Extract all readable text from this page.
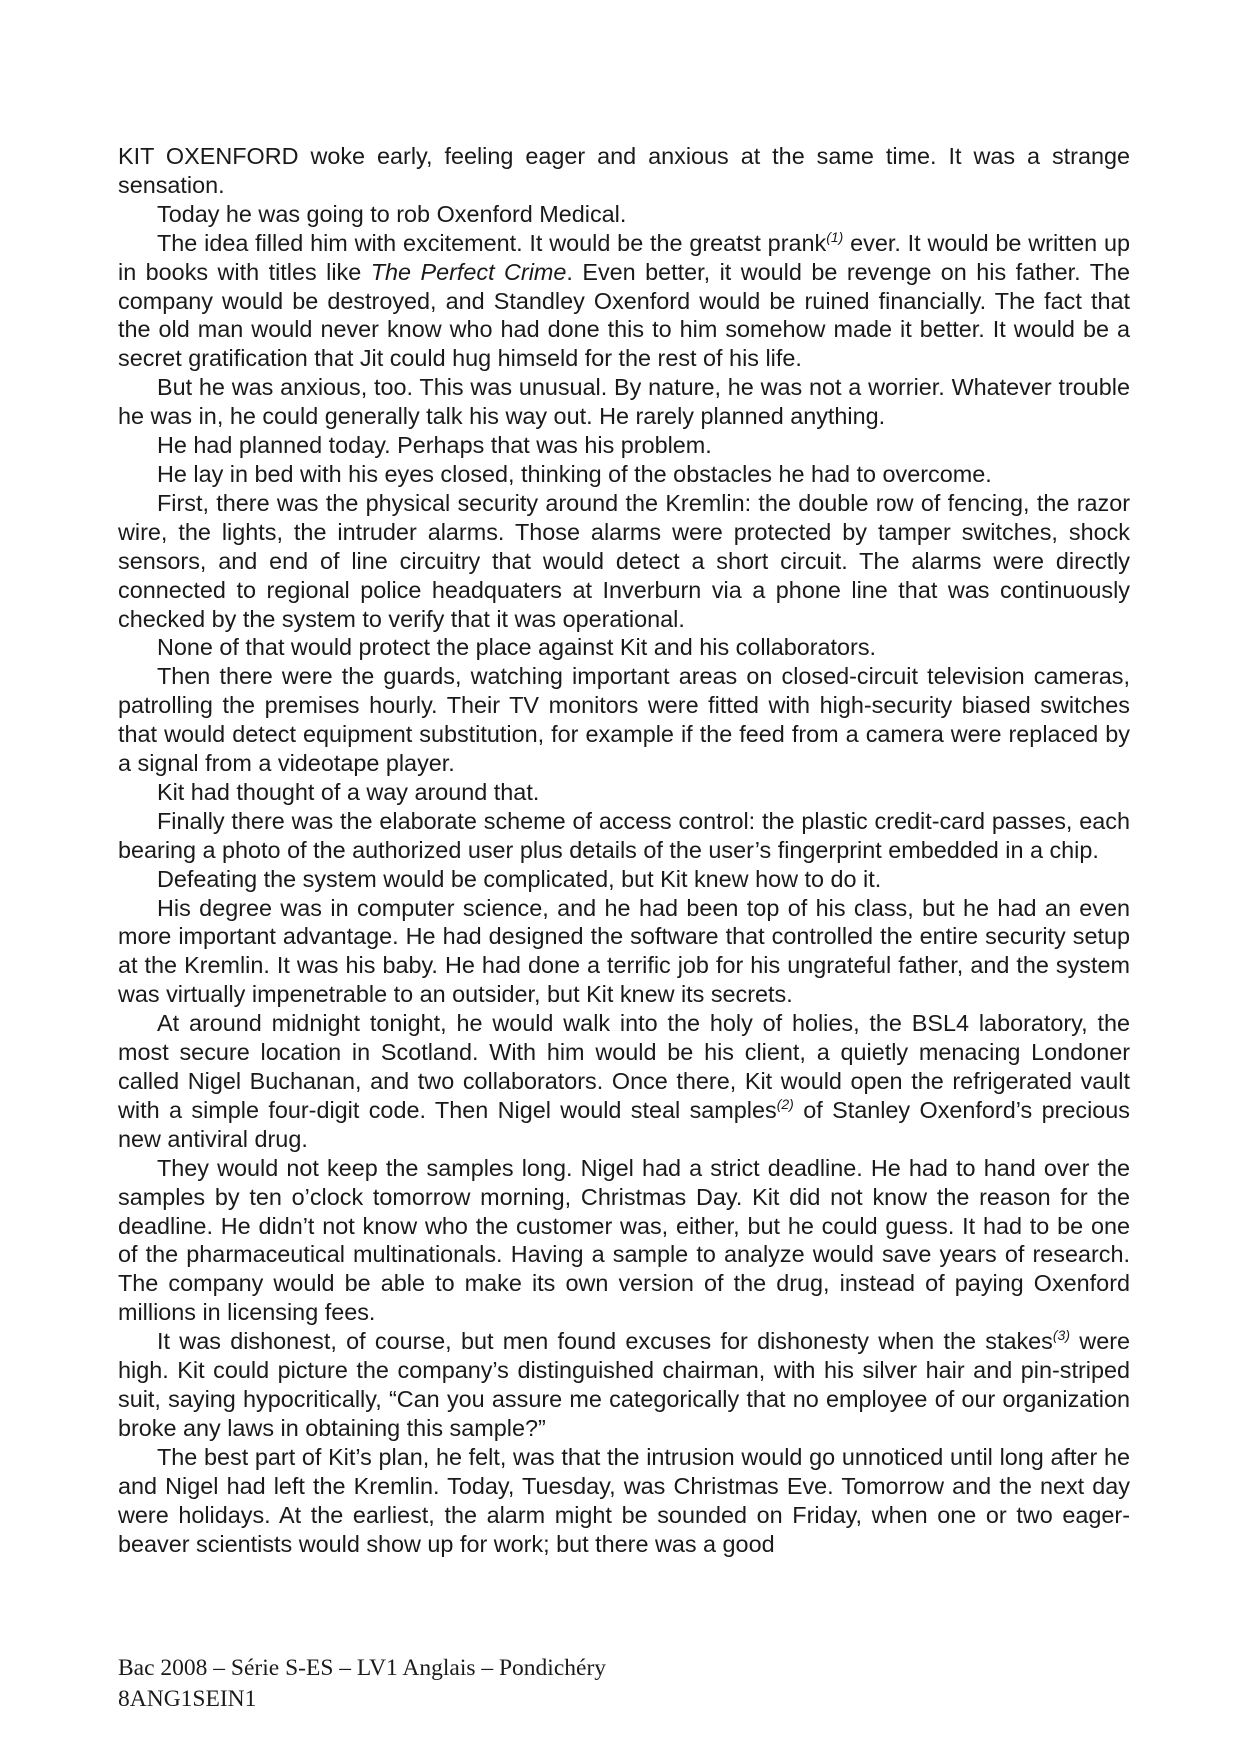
KIT OXENFORD woke early, feeling eager and anxious at the same time. It was a strange sensation.

Today he was going to rob Oxenford Medical.

The idea filled him with excitement. It would be the greatst prank$^{(1)}$ ever. It would be written up in books with titles like The Perfect Crime. Even better, it would be revenge on his father. The company would be destroyed, and Standley Oxenford would be ruined financially. The fact that the old man would never know who had done this to him somehow made it better. It would be a secret gratification that Jit could hug himseld for the rest of his life.

But he was anxious, too. This was unusual. By nature, he was not a worrier. Whatever trouble he was in, he could generally talk his way out. He rarely planned anything.

He had planned today. Perhaps that was his problem.

He lay in bed with his eyes closed, thinking of the obstacles he had to overcome.

First, there was the physical security around the Kremlin: the double row of fencing, the razor wire, the lights, the intruder alarms. Those alarms were protected by tamper switches, shock sensors, and end of line circuitry that would detect a short circuit. The alarms were directly connected to regional police headquaters at Inverburn via a phone line that was continuously checked by the system to verify that it was operational.

None of that would protect the place against Kit and his collaborators.

Then there were the guards, watching important areas on closed-circuit television cameras, patrolling the premises hourly. Their TV monitors were fitted with high-security biased switches that would detect equipment substitution, for example if the feed from a camera were replaced by a signal from a videotape player.

Kit had thought of a way around that.

Finally there was the elaborate scheme of access control: the plastic credit-card passes, each bearing a photo of the authorized user plus details of the user’s fingerprint embedded in a chip.

Defeating the system would be complicated, but Kit knew how to do it.

His degree was in computer science, and he had been top of his class, but he had an even more important advantage. He had designed the software that controlled the entire security setup at the Kremlin. It was his baby. He had done a terrific job for his ungrateful father, and the system was virtually impenetrable to an outsider, but Kit knew its secrets.

At around midnight tonight, he would walk into the holy of holies, the BSL4 laboratory, the most secure location in Scotland. With him would be his client, a quietly menacing Londoner called Nigel Buchanan, and two collaborators. Once there, Kit would open the refrigerated vault with a simple four-digit code. Then Nigel would steal samples$^{(2)}$ of Stanley Oxenford’s precious new antiviral drug.

They would not keep the samples long. Nigel had a strict deadline. He had to hand over the samples by ten o’clock tomorrow morning, Christmas Day. Kit did not know the reason for the deadline. He didn’t not know who the customer was, either, but he could guess. It had to be one of the pharmaceutical multinationals. Having a sample to analyze would save years of research. The company would be able to make its own version of the drug, instead of paying Oxenford millions in licensing fees.

It was dishonest, of course, but men found excuses for dishonesty when the stakes$^{(3)}$ were high. Kit could picture the company’s distinguished chairman, with his silver hair and pin-striped suit, saying hypocritically, “Can you assure me categorically that no employee of our organization broke any laws in obtaining this sample?”

The best part of Kit’s plan, he felt, was that the intrusion would go unnoticed until long after he and Nigel had left the Kremlin. Today, Tuesday, was Christmas Eve. Tomorrow and the next day were holidays. At the earliest, the alarm might be sounded on Friday, when one or two eager-beaver scientists would show up for work; but there was a good

Bac 2008 – Série S-ES – LV1 Anglais – Pondichéry
8ANG1SEIN1
